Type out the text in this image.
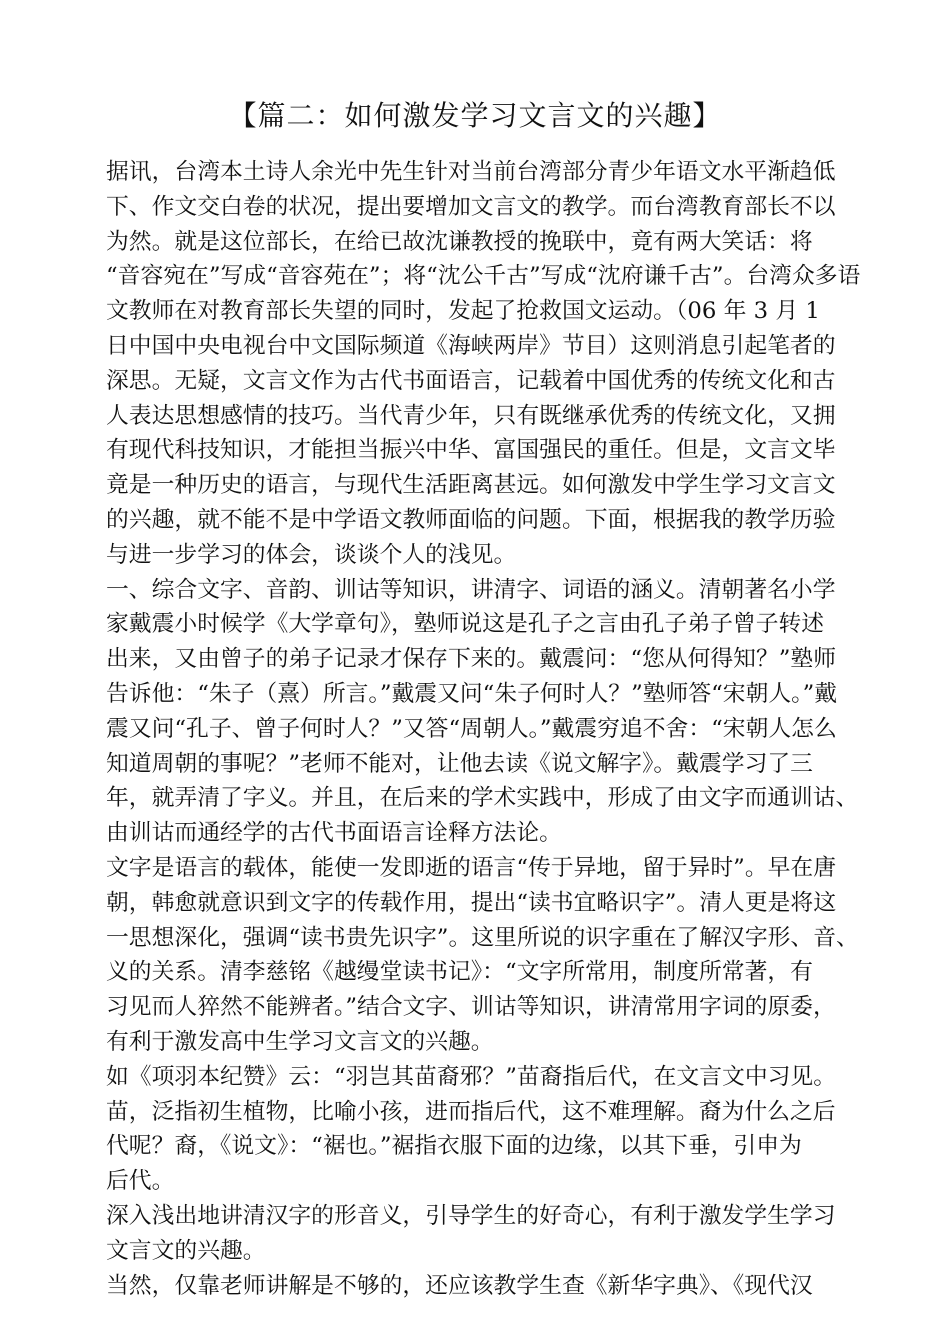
【篇二：如何激发学习文言文的兴趣】
据讯，台湾本土诗人余光中先生针对当前台湾部分青少年语文水平渐趋低
下、作文交白卷的状况，提出要增加文言文的教学。而台湾教育部长不以
为然。就是这位部长，在给已故沈谦教授的挽联中，竟有两大笑话：将
“音容宛在”写成“音容苑在”；将“沈公千古”写成“沈府谦千古”。台湾众多语
文教师在对教育部长失望的同时，发起了抢救国文运动。（06 年 3 月 1
日中国中央电视台中文国际频道《海峡两岸》节目）这则消息引起笔者的
深思。无疑，文言文作为古代书面语言，记载着中国优秀的传统文化和古
人表达思想感情的技巧。当代青少年，只有既继承优秀的传统文化，又拥
有现代科技知识，才能担当振兴中华、富国强民的重任。但是，文言文毕
竟是一种历史的语言，与现代生活距离甚远。如何激发中学生学习文言文
的兴趣，就不能不是中学语文教师面临的问题。下面，根据我的教学历验
与进一步学习的体会，谈谈个人的浅见。
一、综合文字、音韵、训诂等知识，讲清字、词语的涵义。清朝著名小学
家戴震小时候学《大学章句》，塾师说这是孔子之言由孔子弟子曾子转述
出来，又由曾子的弟子记录才保存下来的。戴震问：“您从何得知？”塾师
告诉他：“朱子（熹）所言。”戴震又问“朱子何时人？”塾师答“宋朝人。”戴
震又问“孔子、曾子何时人？”又答“周朝人。”戴震穷追不舍：“宋朝人怎么
知道周朝的事呢？”老师不能对，让他去读《说文解字》。戴震学习了三
年，就弄清了字义。并且，在后来的学术实践中，形成了由文字而通训诂、
由训诂而通经学的古代书面语言诠释方法论。
文字是语言的载体，能使一发即逝的语言“传于异地，留于异时”。早在唐
朝，韩愈就意识到文字的传载作用，提出“读书宜略识字”。清人更是将这
一思想深化，强调“读书贵先识字”。这里所说的识字重在了解汉字形、音、
义的关系。清李慈铭《越缦堂读书记》：“文字所常用，制度所常著，有
习见而人猝然不能辨者。”结合文字、训诂等知识，讲清常用字词的原委，
有利于激发高中生学习文言文的兴趣。
如《项羽本纪赞》云：“羽岂其苗裔邪？”苗裔指后代，在文言文中习见。
苗，泛指初生植物，比喻小孩，进而指后代，这不难理解。裔为什么之后
代呢？裔，《说文》：“裾也。”裾指衣服下面的边缘，以其下垂，引申为
后代。
深入浅出地讲清汉字的形音义，引导学生的好奇心，有利于激发学生学习
文言文的兴趣。
当然，仅靠老师讲解是不够的，还应该教学生查《新华字典》、《现代汉
